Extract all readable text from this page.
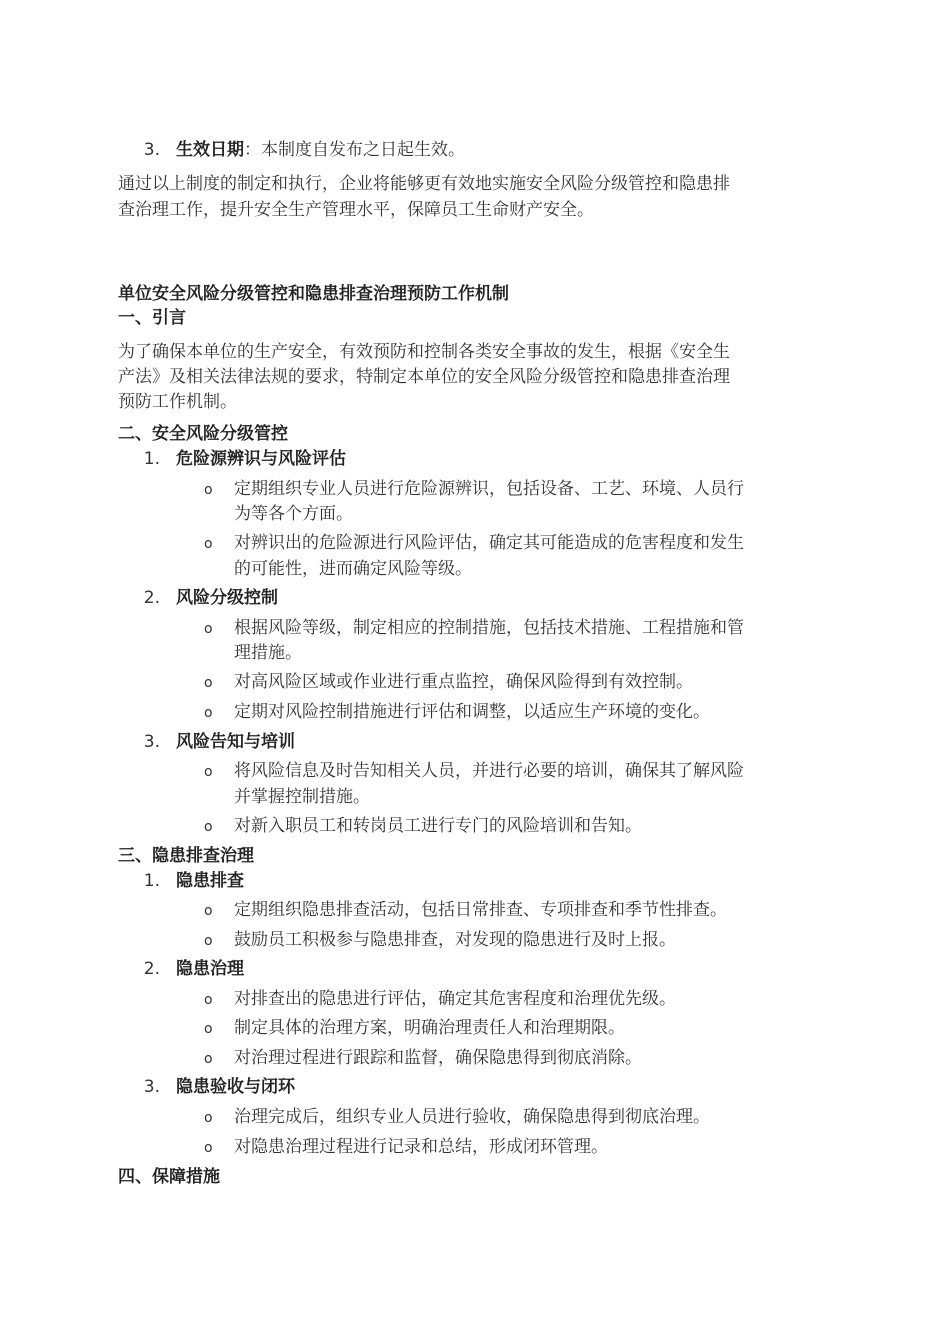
3. 生效日期：本制度自发布之日起生效。
通过以上制度的制定和执行，企业将能够更有效地实施安全风险分级管控和隐患排
查治理工作，提升安全生产管理水平，保障员工生命财产安全。
单位安全风险分级管控和隐患排查治理预防工作机制
一、引言
为了确保本单位的生产安全，有效预防和控制各类安全事故的发生，根据《安全生
产法》及相关法律法规的要求，特制定本单位的安全风险分级管控和隐患排查治理
预防工作机制。
二、安全风险分级管控
1. 危险源辨识与风险评估
o 定期组织专业人员进行危险源辨识，包括设备、工艺、环境、人员行
为等各个方面。
o 对辨识出的危险源进行风险评估，确定其可能造成的危害程度和发生
的可能性，进而确定风险等级。
2. 风险分级控制
o 根据风险等级，制定相应的控制措施，包括技术措施、工程措施和管
理措施。
o 对高风险区域或作业进行重点监控，确保风险得到有效控制。
o 定期对风险控制措施进行评估和调整，以适应生产环境的变化。
3. 风险告知与培训
o 将风险信息及时告知相关人员，并进行必要的培训，确保其了解风险
并掌握控制措施。
o 对新入职员工和转岗员工进行专门的风险培训和告知。
三、隐患排查治理
1. 隐患排查
o 定期组织隐患排查活动，包括日常排查、专项排查和季节性排查。
o 鼓励员工积极参与隐患排查，对发现的隐患进行及时上报。
2. 隐患治理
o 对排查出的隐患进行评估，确定其危害程度和治理优先级。
o 制定具体的治理方案，明确治理责任人和治理期限。
o 对治理过程进行跟踪和监督，确保隐患得到彻底消除。
3. 隐患验收与闭环
o 治理完成后，组织专业人员进行验收，确保隐患得到彻底治理。
o 对隐患治理过程进行记录和总结，形成闭环管理。
四、保障措施
